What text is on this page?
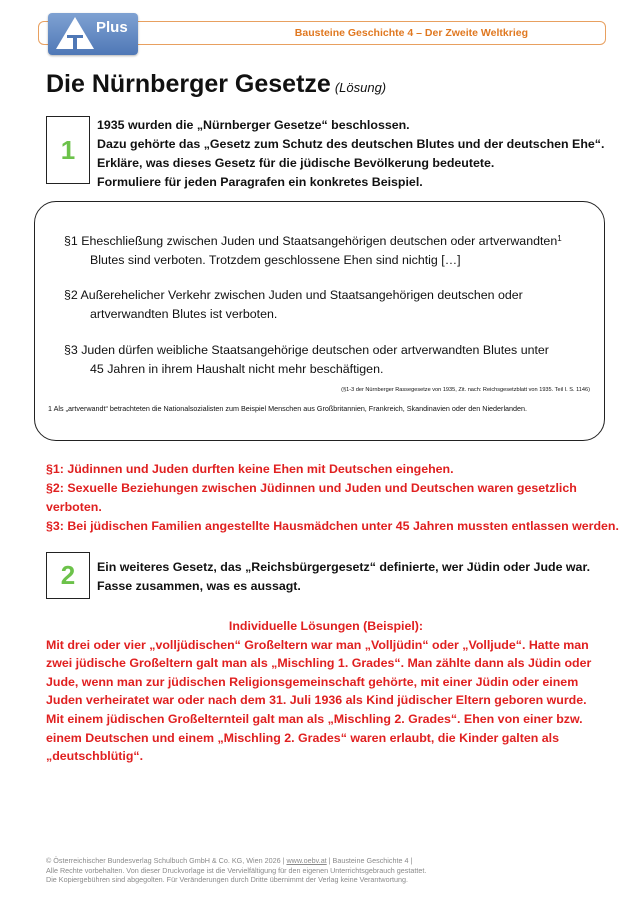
Plus	Bausteine Geschichte 4 – Der Zweite Weltkrieg
Die Nürnberger Gesetze (Lösung)
1
1935 wurden die „Nürnberger Gesetze“ beschlossen.
Dazu gehörte das „Gesetz zum Schutz des deutschen Blutes und der deutschen Ehe“.
Erkläre, was dieses Gesetz für die jüdische Bevölkerung bedeutete.
Formuliere für jeden Paragrafen ein konkretes Beispiel.
§1 Eheschließung zwischen Juden und Staatsangehörigen deutschen oder artverwandten$^1$
Blutes sind verboten. Trotzdem geschlossene Ehen sind nichtig […]
§2 Außerehelicher Verkehr zwischen Juden und Staatsangehörigen deutschen oder
artverwandten Blutes ist verboten.
§3 Juden dürfen weibliche Staatsangehörige deutschen oder artverwandten Blutes unter
45 Jahren in ihrem Haushalt nicht mehr beschäftigen.
(§1-3 der Nürnberger Rassegesetze von 1935, Zit. nach: Reichsgesetzblatt von 1935. Teil I. S. 1146)
1 Als „artverwandt“ betrachteten die Nationalsozialisten zum Beispiel Menschen aus Großbritannien, Frankreich, Skandinavien oder den Niederlanden.
§1: Jüdinnen und Juden durften keine Ehen mit Deutschen eingehen.
§2: Sexuelle Beziehungen zwischen Jüdinnen und Juden und Deutschen waren gesetzlich
verboten.
§3: Bei jüdischen Familien angestellte Hausmädchen unter 45 Jahren mussten entlassen werden.
2	Ein weiteres Gesetz, das „Reichsbürgergesetz“ definierte, wer Jüdin oder Jude war.
Fasse zusammen, was es aussagt.
Individuelle Lösungen (Beispiel):
Mit drei oder vier „volljüdischen“ Großeltern war man „Volljüdin“ oder „Volljude“. Hatte man
zwei jüdische Großeltern galt man als „Mischling 1. Grades“. Man zählte dann als Jüdin oder
Jude, wenn man zur jüdischen Religionsgemeinschaft gehörte, mit einer Jüdin oder einem
Juden verheiratet war oder nach dem 31. Juli 1936 als Kind jüdischer Eltern geboren wurde.
Mit einem jüdischen Großelternteil galt man als „Mischling 2. Grades“. Ehen von einer bzw.
einem Deutschen und einem „Mischling 2. Grades“ waren erlaubt, die Kinder galten als
„deutschblütig“.
© Österreichischer Bundesverlag Schulbuch GmbH & Co. KG, Wien 2026 | www.oebv.at | Bausteine Geschichte 4 |
Alle Rechte vorbehalten. Von dieser Druckvorlage ist die Vervielfältigung für den eigenen Unterrichtsgebrauch gestattet.
Die Kopiergebühren sind abgegolten. Für Veränderungen durch Dritte übernimmt der Verlag keine Verantwortung.
